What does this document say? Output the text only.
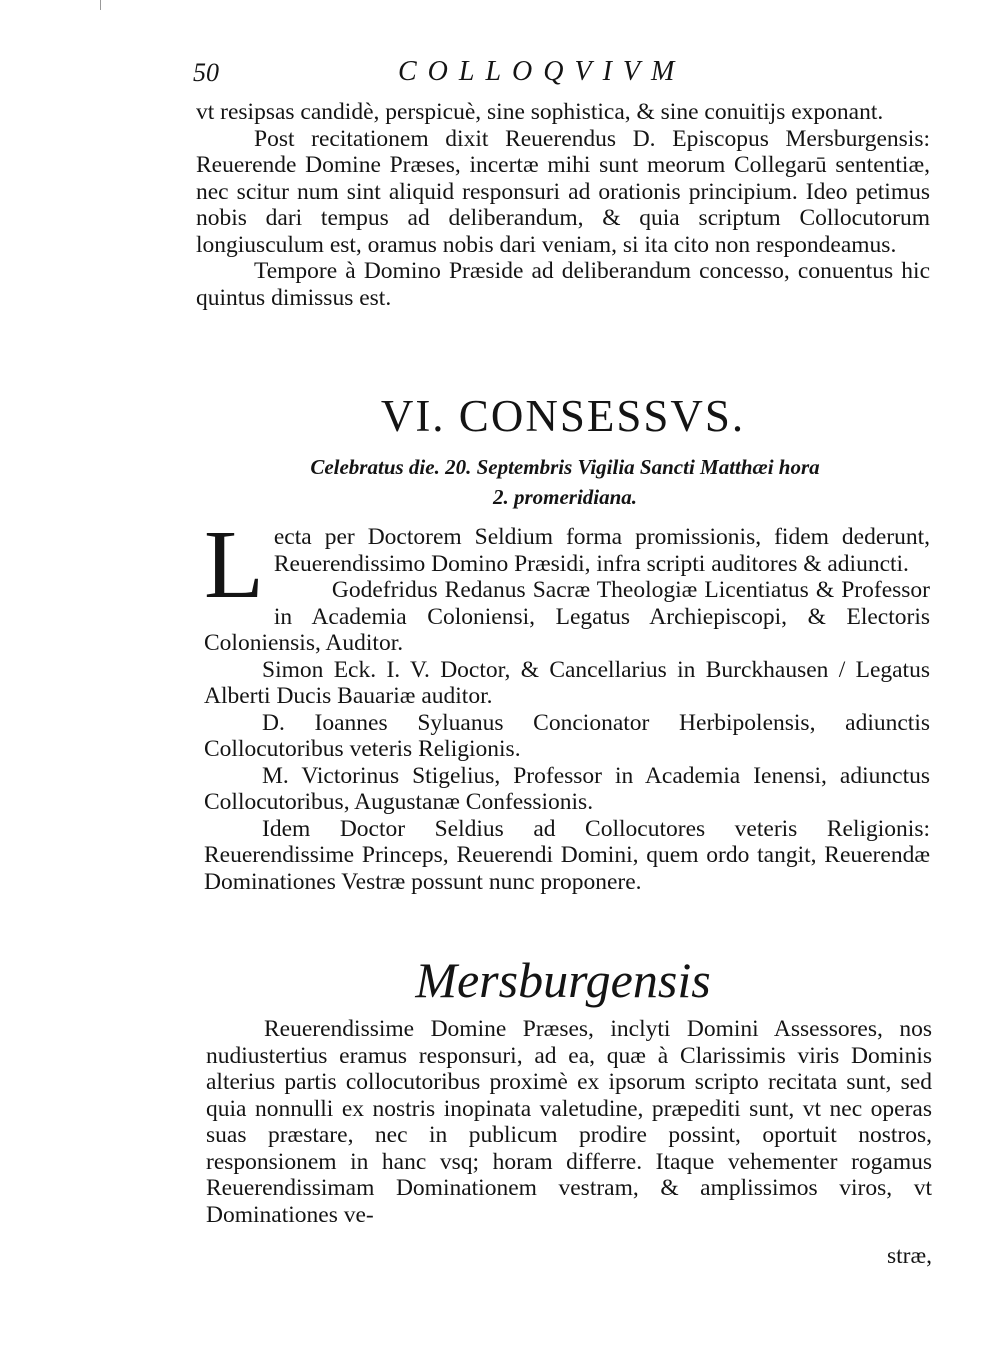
50	COLLOQVIVM

vt resipsas candidè, perspicuè, sine sophistica, & sine conuitijs exponant.

Post recitationem dixit Reuerendus D. Episcopus Mersburgensis: Reuerende Domine Præses, incertæ mihi sunt meorum Collegarū sententiæ, nec scitur num sint aliquid responsuri ad orationis principium. Ideo petimus nobis dari tempus ad deliberandum, & quia scriptum Collocutorum longiusculum est, oramus nobis dari veniam, si ita cito non respondeamus.

Tempore à Domino Præside ad deliberandum concesso, conuentus hic quintus dimissus est.

VI. CONSESSVS.
Celebratus die. 20. Septembris Vigilia Sancti Matthæi hora
2. promeridiana.

Lecta per Doctorem Seldium forma promissionis, fidem dederunt, Reuerendissimo Domino Præsidi, infra scripti auditores & adiuncti.

Godefridus Redanus Sacræ Theologiæ Licentiatus & Professor in Academia Coloniensi, Legatus Archiepiscopi, & Electoris Coloniensis, Auditor.

Simon Eck. I. V. Doctor, & Cancellarius in Burckhausen / Legatus Alberti Ducis Bauariæ auditor.

D. Ioannes Syluanus Concionator Herbipolensis, adiunctis Collocutoribus veteris Religionis.

M. Victorinus Stigelius, Professor in Academia Ienensi, adiunctus Collocutoribus, Augustanæ Confessionis.

Idem Doctor Seldius ad Collocutores veteris Religionis: Reuerendissime Princeps, Reuerendi Domini, quem ordo tangit, Reuerendæ Dominationes Vestræ possunt nunc proponere.

Mersburgensis

Reuerendissime Domine Præses, inclyti Domini Assessores, nos nudiustertius eramus responsuri, ad ea, quæ à Clarissimis viris Dominis alterius partis collocutoribus proximè ex ipsorum scripto recitata sunt, sed quia nonnulli ex nostris inopinata valetudine, præpediti sunt, vt nec operas suas præstare, nec in publicum prodire possint, oportuit nostros, responsionem in hanc vsq; horam differre. Itaque vehementer rogamus Reuerendissimam Dominationem vestram, & amplissimos viros, vt Dominationes ve-

stræ,
